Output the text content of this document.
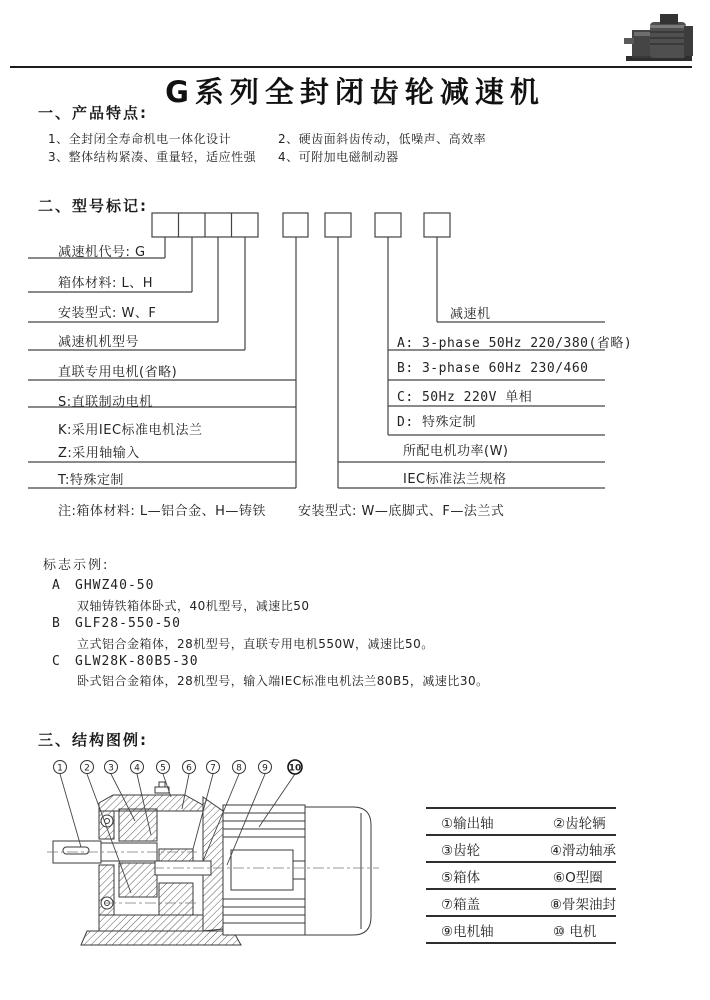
G系列全封闭齿轮减速机
一、产品特点:
1、全封闭全寿命机电一体化设计	2、硬齿面斜齿传动，低噪声、高效率
3、整体结构紧凑、重量轻，适应性强 4、可附加电磁制动器
二、型号标记:
减速机代号: G
箱体材料: L、H
安装型式: W、F
减速机机型号
直联专用电机(省略)
S:直联制动电机
K:采用IEC标准电机法兰
Z:采用轴输入
T:特殊定制
减速机
A: 3-phase 50Hz 220/380(省略)
B: 3-phase 60Hz 230/460
C: 50Hz 220V 单相
D: 特殊定制
所配电机功率(W)
IEC标准法兰规格
注:箱体材料: L—铝合金、H—铸铁 安装型式: W—底脚式、F—法兰式
标志示例:
A GHWZ40-50
双轴铸铁箱体卧式，40机型号，减速比50
B GLF28-550-50
立式铝合金箱体，28机型号，直联专用电机550W，减速比50。
C GLW28K-80B5-30
卧式铝合金箱体，28机型号，输入端IEC标准电机法兰80B5，减速比30。
三、结构图例:
1 2 3 4 5 6 7 8 9 10
①输出轴	②齿轮辆
③齿轮	④滑动轴承
⑤箱体	⑥O型圈
⑦箱盖	⑧骨架油封
⑨电机轴	⑩ 电机
